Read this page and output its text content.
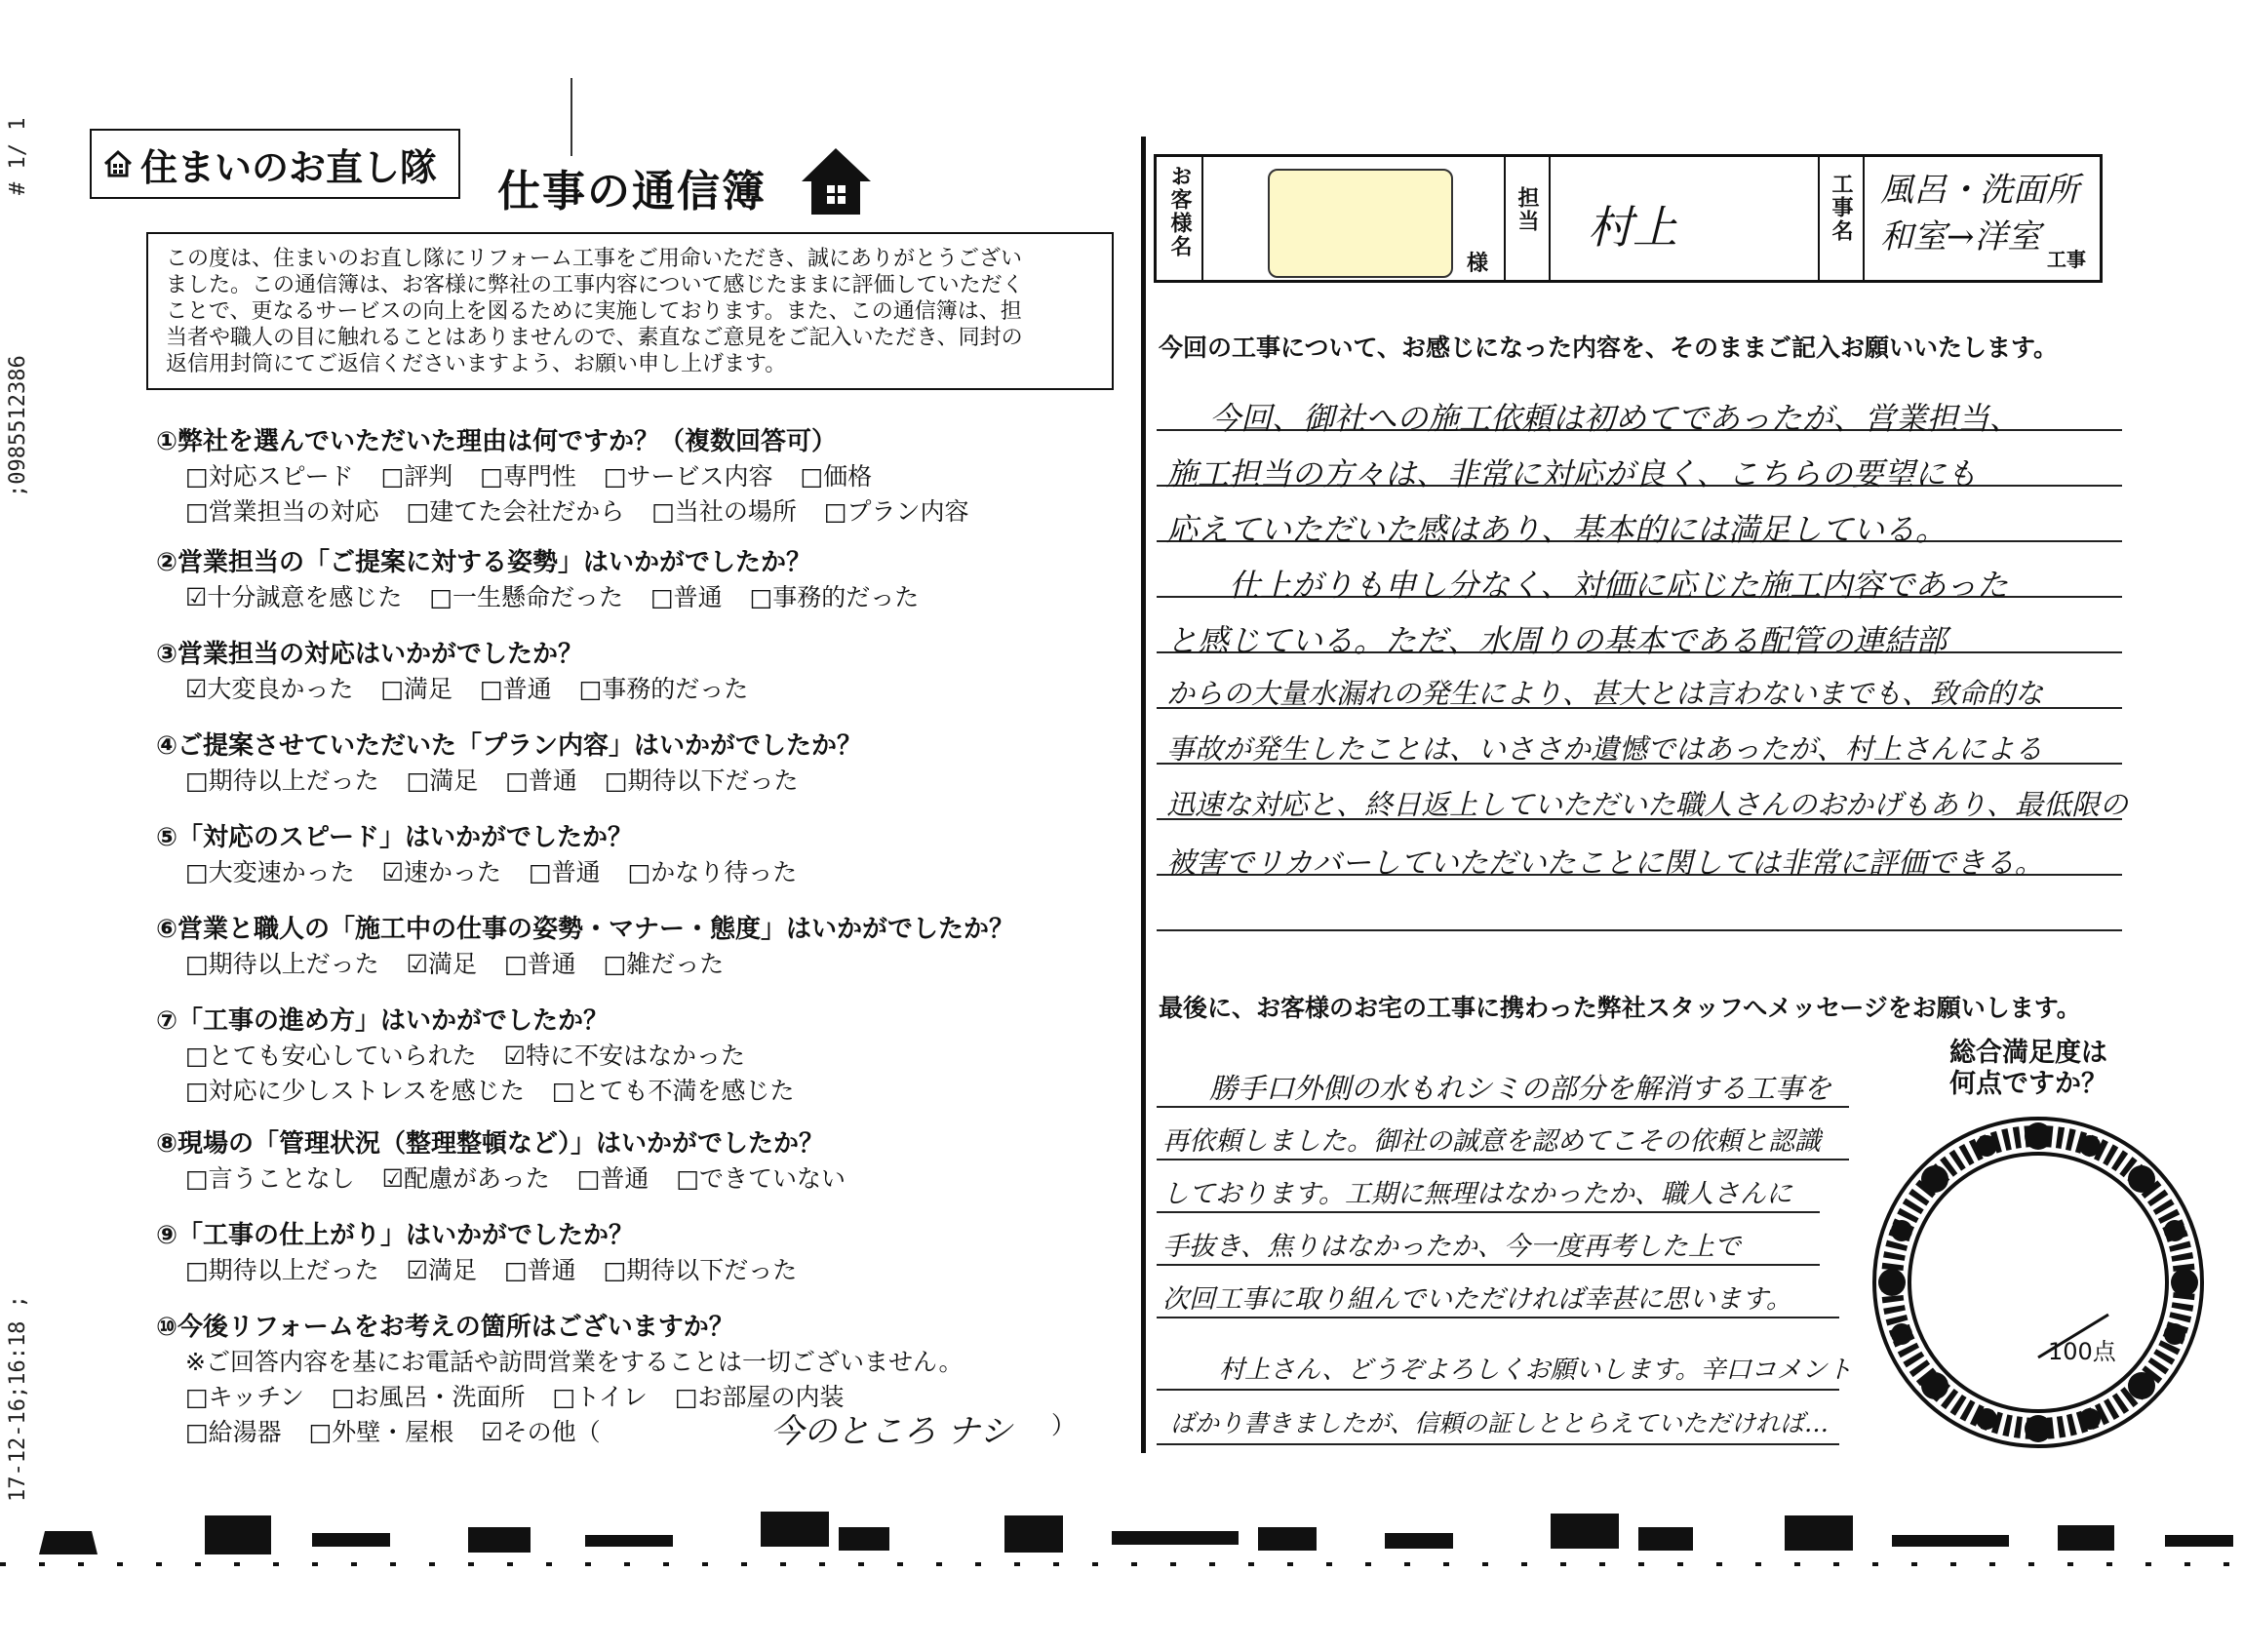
# 1/ 1
;0985512386
17-12-16;16:18 ;
住まいのお直し隊 仕事の通信簿
この度は、住まいのお直し隊にリフォーム工事をご用命いただき、誠にありがとうござい
ました。この通信簿は、お客様に弊社の工事内容について感じたままに評価していただく
ことで、更なるサービスの向上を図るために実施しております。また、この通信簿は、担
当者や職人の目に触れることはありませんので、素直なご意見をご記入いただき、同封の
返信用封筒にてご返信くださいますよう、お願い申し上げます。
①弊社を選んでいただいた理由は何ですか？（複数回答可）
□対応スピード □評判 □専門性 □サービス内容 □価格
□営業担当の対応 □建てた会社だから □当社の場所 □プラン内容
②営業担当の「ご提案に対する姿勢」はいかがでしたか？
☑十分誠意を感じた □一生懸命だった □普通 □事務的だった
③営業担当の対応はいかがでしたか？
☑大変良かった □満足 □普通 □事務的だった
④ご提案させていただいた「プラン内容」はいかがでしたか？
□期待以上だった □満足 □普通 □期待以下だった
⑤「対応のスピード」はいかがでしたか？
□大変速かった ☑速かった □普通 □かなり待った
⑥営業と職人の「施工中の仕事の姿勢・マナー・態度」はいかがでしたか？
□期待以上だった ☑満足 □普通 □雑だった
⑦「工事の進め方」はいかがでしたか？
□とても安心していられた ☑特に不安はなかった
□対応に少しストレスを感じた □とても不満を感じた
⑧現場の「管理状況（整理整頓など）」はいかがでしたか？
□言うことなし ☑配慮があった □普通 □できていない
⑨「工事の仕上がり」はいかがでしたか？
□期待以上だった ☑満足 □普通 □期待以下だった
⑩今後リフォームをお考えの箇所はございますか？
※ご回答内容を基にお電話や訪問営業をすることは一切ございません。
□キッチン □お風呂・洗面所 □トイレ □お部屋の内装
□給湯器 □外壁・屋根 ☑その他（	今のところ ナシ ）
お客様名
様
担当 村上	工事名 風呂・洗面所
和室→洋室
工事
今回の工事について、お感じになった内容を、そのままご記入お願いいたします。
今回、御社への施工依頼は初めてであったが、営業担当、
施工担当の方々は、非常に対応が良く、こちらの要望にも
応えていただいた感はあり、基本的には満足している。
仕上がりも申し分なく、対価に応じた施工内容であった
と感じている。ただ、水周りの基本である配管の連結部
からの大量水漏れの発生により、甚大とは言わないまでも、致命的な
事故が発生したことは、いささか遺憾ではあったが、村上さんによる
迅速な対応と、終日返上していただいた職人さんのおかげもあり、最低限の
被害でリカバーしていただいたことに関しては非常に評価できる。
最後に、お客様のお宅の工事に携わった弊社スタッフへメッセージをお願いします。
勝手口外側の水もれシミの部分を解消する工事を
再依頼しました。御社の誠意を認めてこその依頼と認識
しております。工期に無理はなかったか、職人さんに
手抜き、焦りはなかったか、今一度再考した上で
次回工事に取り組んでいただければ幸甚に思います。
村上さん、どうぞよろしくお願いします。辛口コメント
ばかり書きましたが、信頼の証しととらえていただければ…
総合満足度は
何点ですか？
100点
